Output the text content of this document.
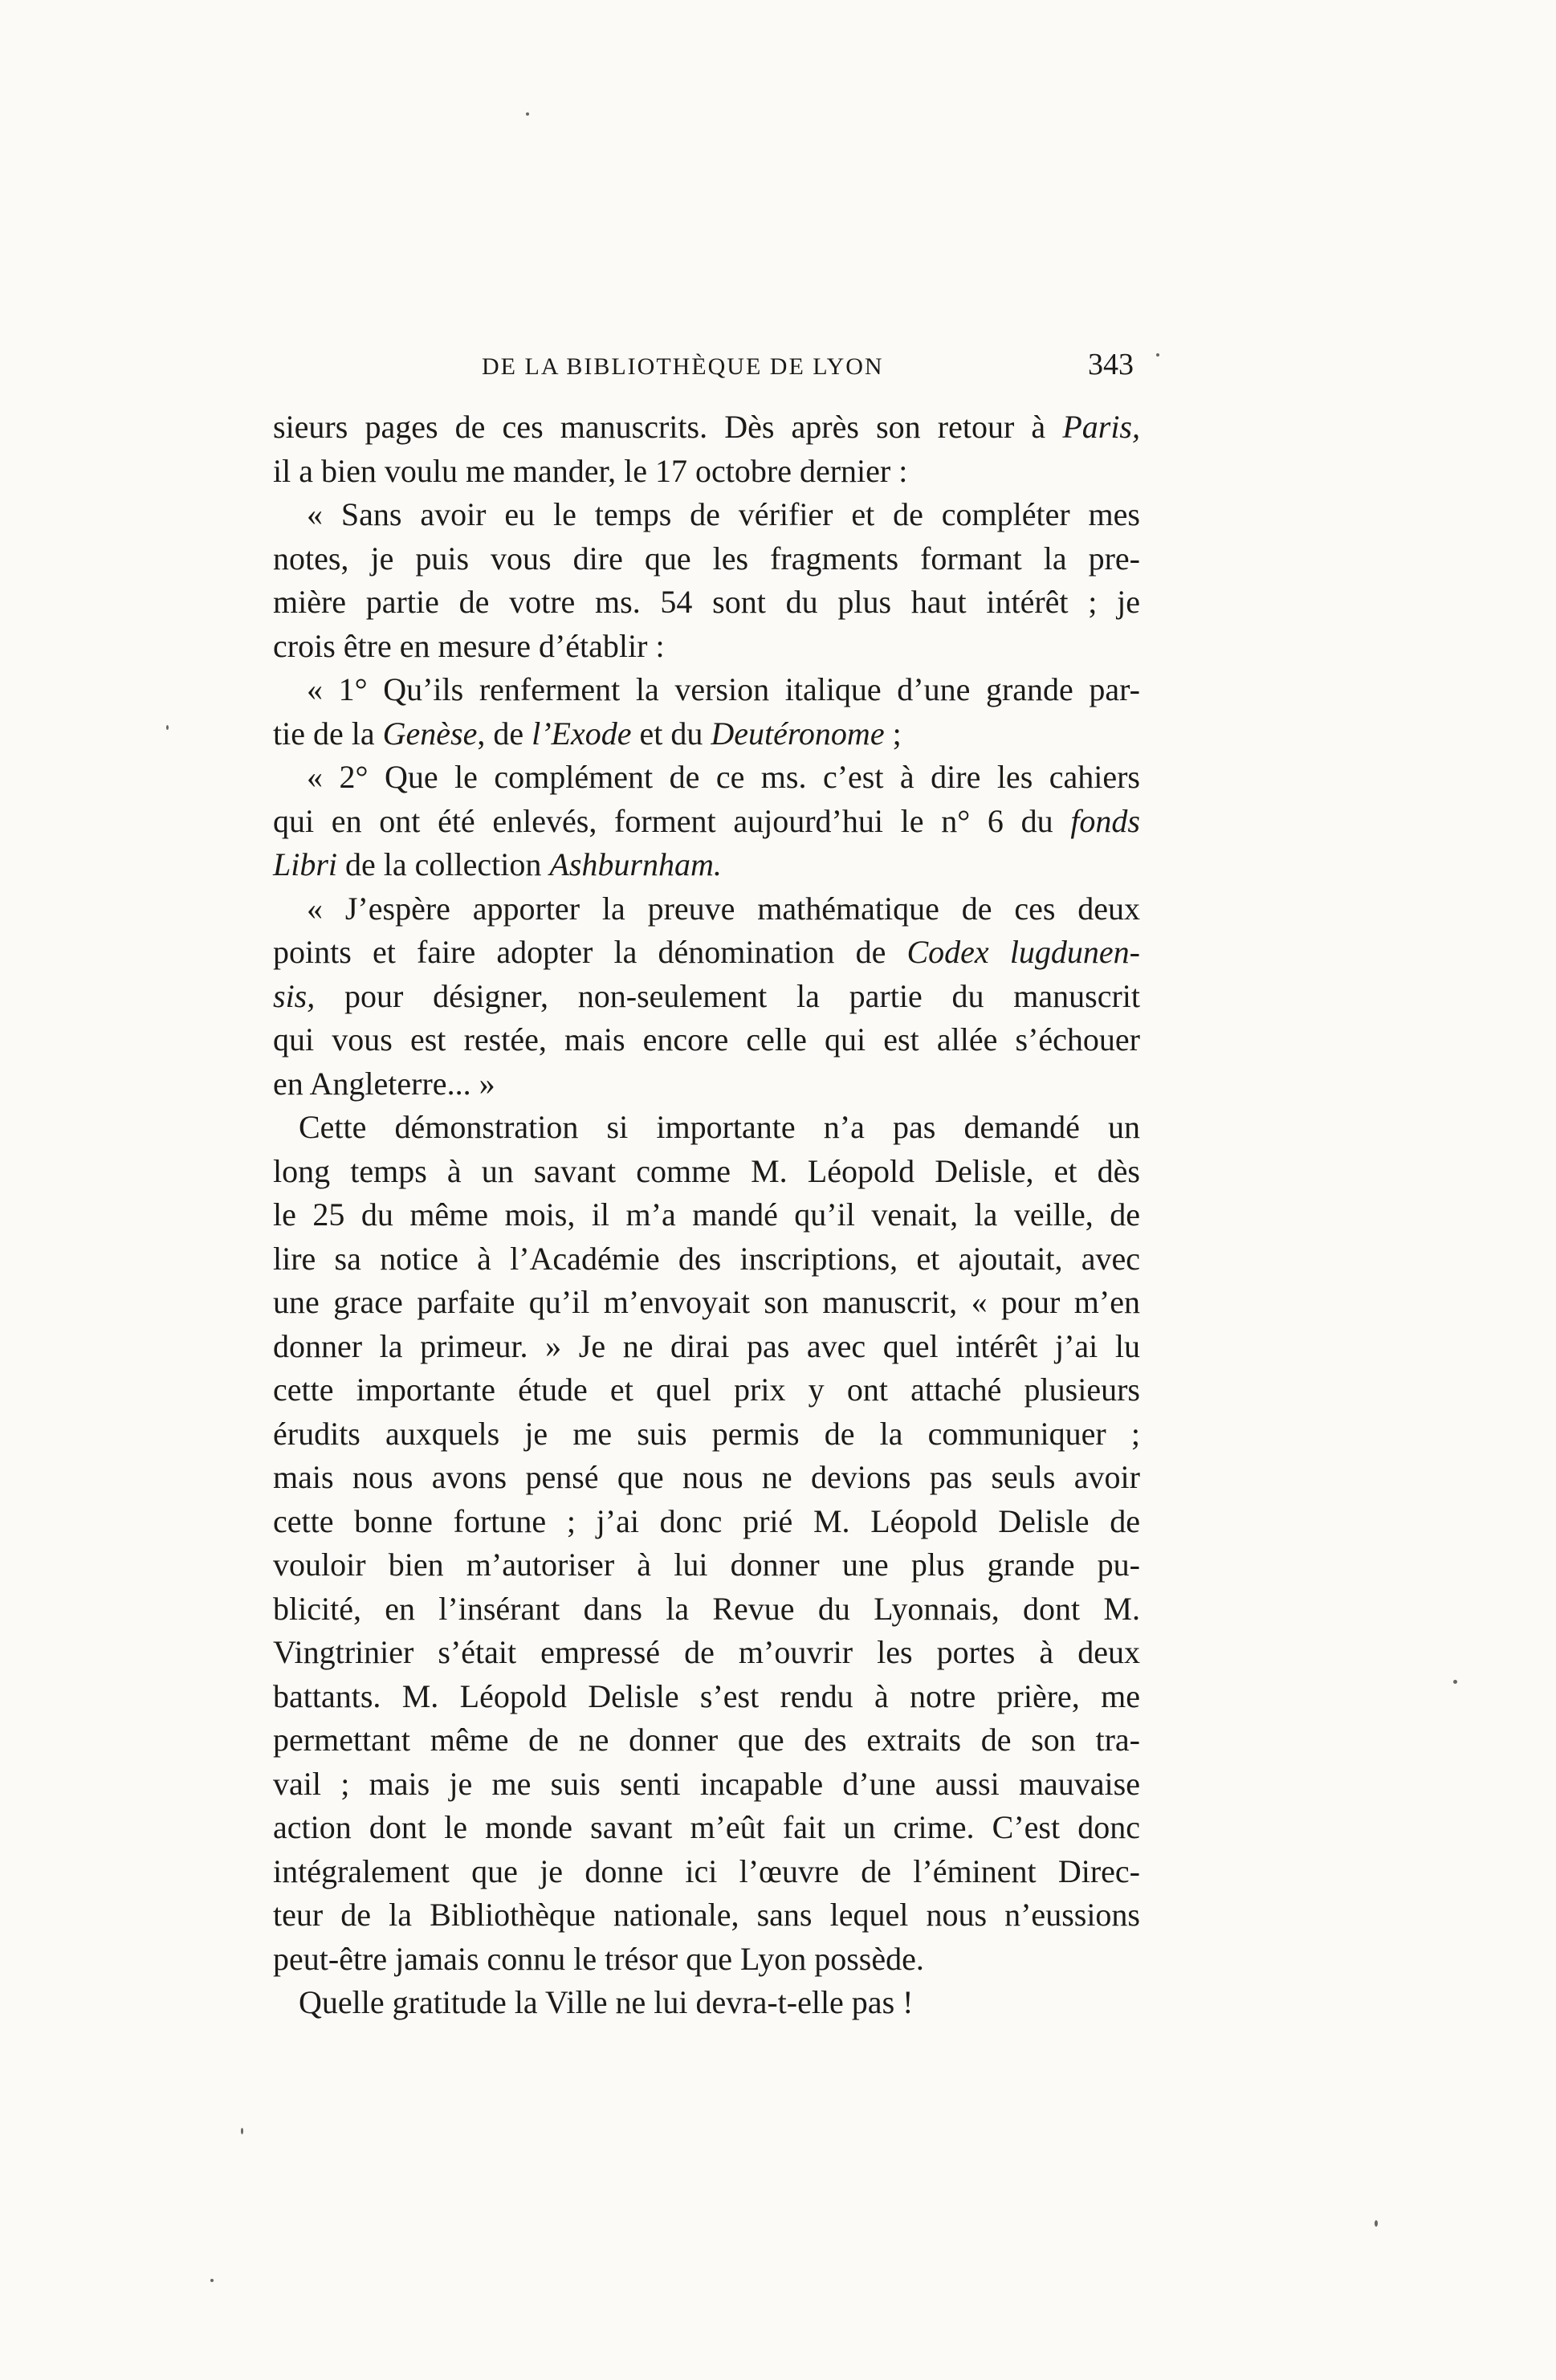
DE LA BIBLIOTHÈQUE DE LYON	343
sieurs pages de ces manuscrits. Dès après son retour à Paris,
il a bien voulu me mander, le 17 octobre dernier :
« Sans avoir eu le temps de vérifier et de compléter mes
notes, je puis vous dire que les fragments formant la pre-
mière partie de votre ms. 54 sont du plus haut intérêt ; je
crois être en mesure d’établir :
« 1° Qu’ils renferment la version italique d’une grande par-
tie de la Genèse, de l’Exode et du Deutéronome ;
« 2° Que le complément de ce ms. c’est à dire les cahiers
qui en ont été enlevés, forment aujourd’hui le n° 6 du fonds
Libri de la collection Ashburnham.
« J’espère apporter la preuve mathématique de ces deux
points et faire adopter la dénomination de Codex lugdunen-
sis, pour désigner, non-seulement la partie du manuscrit
qui vous est restée, mais encore celle qui est allée s’échouer
en Angleterre... »
Cette démonstration si importante n’a pas demandé un
long temps à un savant comme M. Léopold Delisle, et dès
le 25 du même mois, il m’a mandé qu’il venait, la veille, de
lire sa notice à l’Académie des inscriptions, et ajoutait, avec
une grace parfaite qu’il m’envoyait son manuscrit, « pour m’en
donner la primeur. » Je ne dirai pas avec quel intérêt j’ai lu
cette importante étude et quel prix y ont attaché plusieurs
érudits auxquels je me suis permis de la communiquer ;
mais nous avons pensé que nous ne devions pas seuls avoir
cette bonne fortune ; j’ai donc prié M. Léopold Delisle de
vouloir bien m’autoriser à lui donner une plus grande pu-
blicité, en l’insérant dans la Revue du Lyonnais, dont M.
Vingtrinier s’était empressé de m’ouvrir les portes à deux
battants. M. Léopold Delisle s’est rendu à notre prière, me
permettant même de ne donner que des extraits de son tra-
vail ; mais je me suis senti incapable d’une aussi mauvaise
action dont le monde savant m’eût fait un crime. C’est donc
intégralement que je donne ici l’œuvre de l’éminent Direc-
teur de la Bibliothèque nationale, sans lequel nous n’eussions
peut-être jamais connu le trésor que Lyon possède.
Quelle gratitude la Ville ne lui devra-t-elle pas !
